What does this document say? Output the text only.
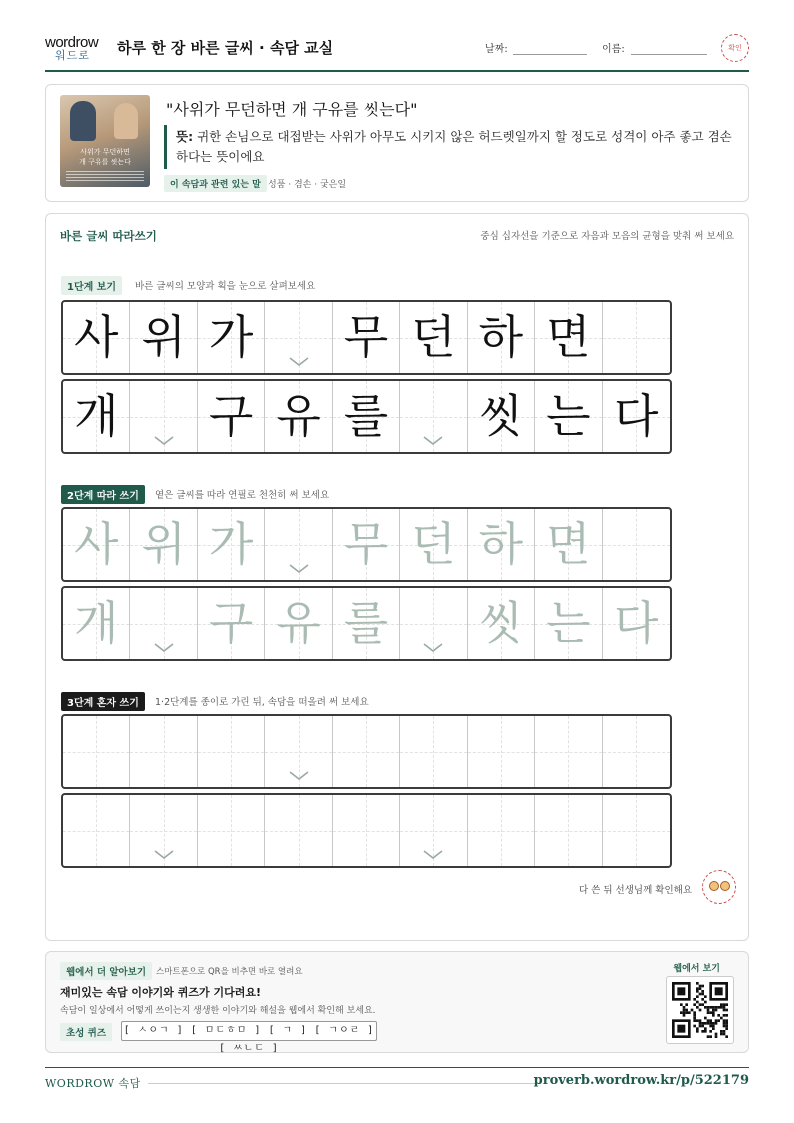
wordrow
워드로 하루 한 장 바른 글씨 · 속담 교실	날짜:	이름:	확인
사위가 무던하면
개 구유를 씻는다
"사위가 무던하면 개 구유를 씻는다"
뜻: 귀한 손님으로 대접받는 사위가 아무도 시키지 않은 허드렛일까지 할 정도로 성격이 아주 좋고 겸손하다는 뜻이에요
이 속담과 관련 있는 말 성품 · 겸손 · 궂은일
바른 글씨 따라쓰기	중심 십자선을 기준으로 자음과 모음의 균형을 맞춰 써 보세요
1단계 보기	바른 글씨의 모양과 획을 눈으로 살펴보세요
사 위 가 무 던 하 면
개 구 유 를 씻 는 다
2단계 따라 쓰기	옅은 글씨를 따라 연필로 천천히 써 보세요
사 위 가 무 던 하 면
개 구 유 를 씻 는 다
3단계 혼자 쓰기	1·2단계를 종이로 가린 뒤, 속담을 떠올려 써 보세요
다 쓴 뒤 선생님께 확인해요
웹에서 더 알아보기	스마트폰으로 QR을 비추면 바로 열려요
재미있는 속담 이야기와 퀴즈가 기다려요!
속담이 일상에서 어떻게 쓰이는지 생생한 이야기와 해설을 웹에서 확인해 보세요.
초성 퀴즈	[ ㅅㅇㄱ ] [ ㅁㄷㅎㅁ ] [ ㄱ ] [ ㄱㅇㄹ ] [ ㅆㄴㄷ ]
웹에서 보기
WORDROW 속담	proverb.wordrow.kr/p/522179
